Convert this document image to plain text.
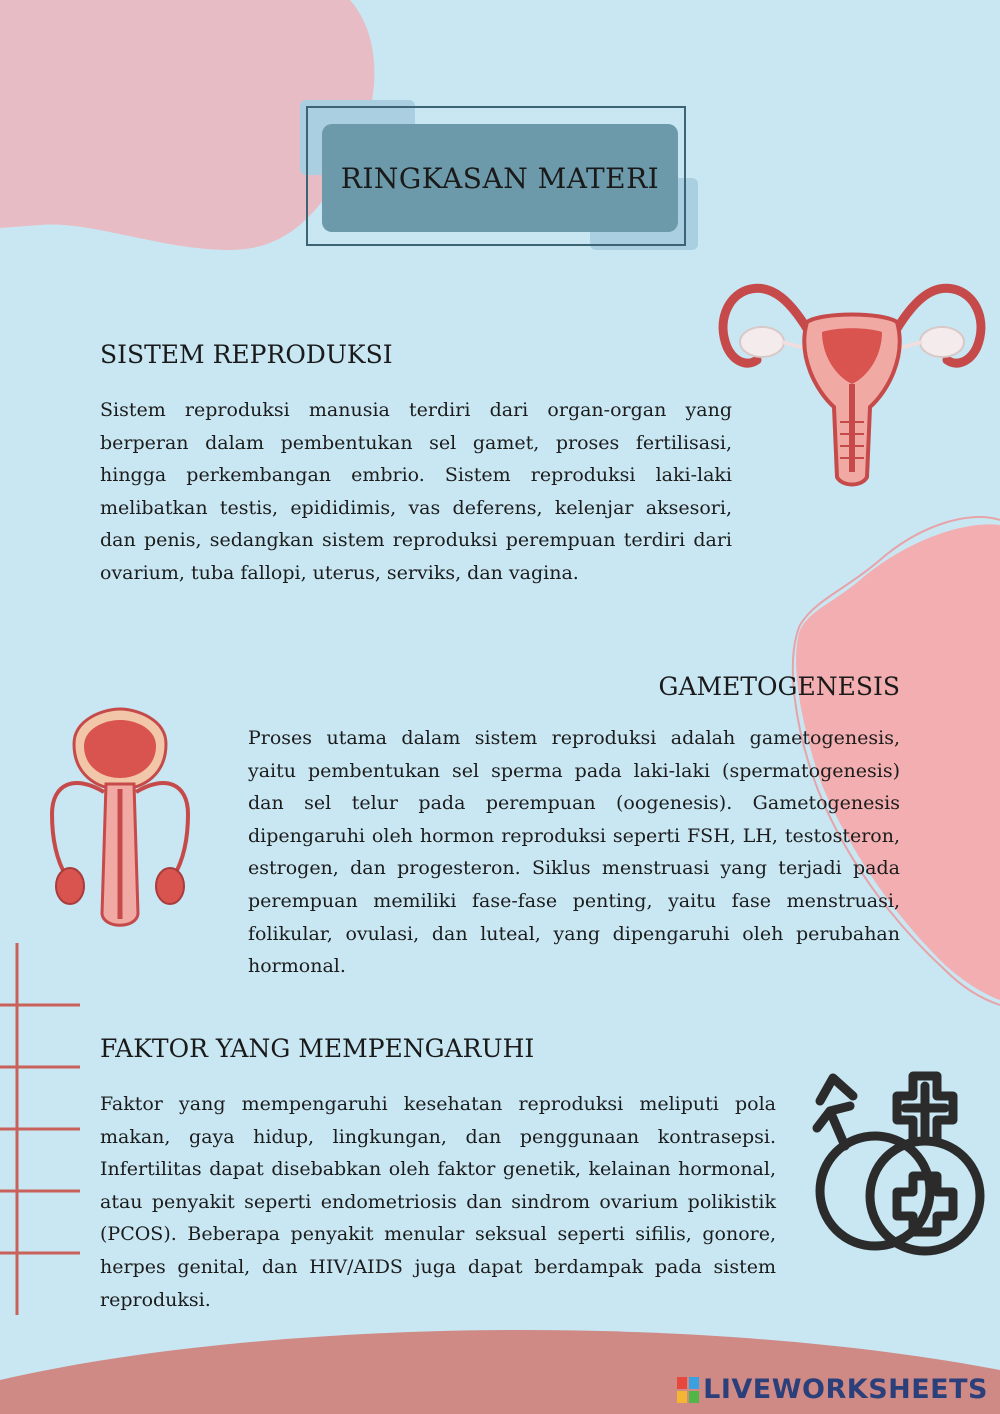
RINGKASAN MATERI
SISTEM REPRODUKSI

Sistem reproduksi manusia terdiri dari organ-organ yang berperan dalam pembentukan sel gamet, proses fertilisasi, hingga perkembangan embrio. Sistem reproduksi laki-laki melibatkan testis, epididimis, vas deferens, kelenjar aksesori, dan penis, sedangkan sistem reproduksi perempuan terdiri dari ovarium, tuba fallopi, uterus, serviks, dan vagina.

GAMETOGENESIS

Proses utama dalam sistem reproduksi adalah gametogenesis, yaitu pembentukan sel sperma pada laki-laki (spermatogenesis) dan sel telur pada perempuan (oogenesis). Gametogenesis dipengaruhi oleh hormon reproduksi seperti FSH, LH, testosteron, estrogen, dan progesteron. Siklus menstruasi yang terjadi pada perempuan memiliki fase-fase penting, yaitu fase menstruasi, folikular, ovulasi, dan luteal, yang dipengaruhi oleh perubahan hormonal.

FAKTOR YANG MEMPENGARUHI

Faktor yang mempengaruhi kesehatan reproduksi meliputi pola makan, gaya hidup, lingkungan, dan penggunaan kontrasepsi. Infertilitas dapat disebabkan oleh faktor genetik, kelainan hormonal, atau penyakit seperti endometriosis dan sindrom ovarium polikistik (PCOS). Beberapa penyakit menular seksual seperti sifilis, gonore, herpes genital, dan HIV/AIDS juga dapat berdampak pada sistem reproduksi.

LIVEWORKSHEETS
